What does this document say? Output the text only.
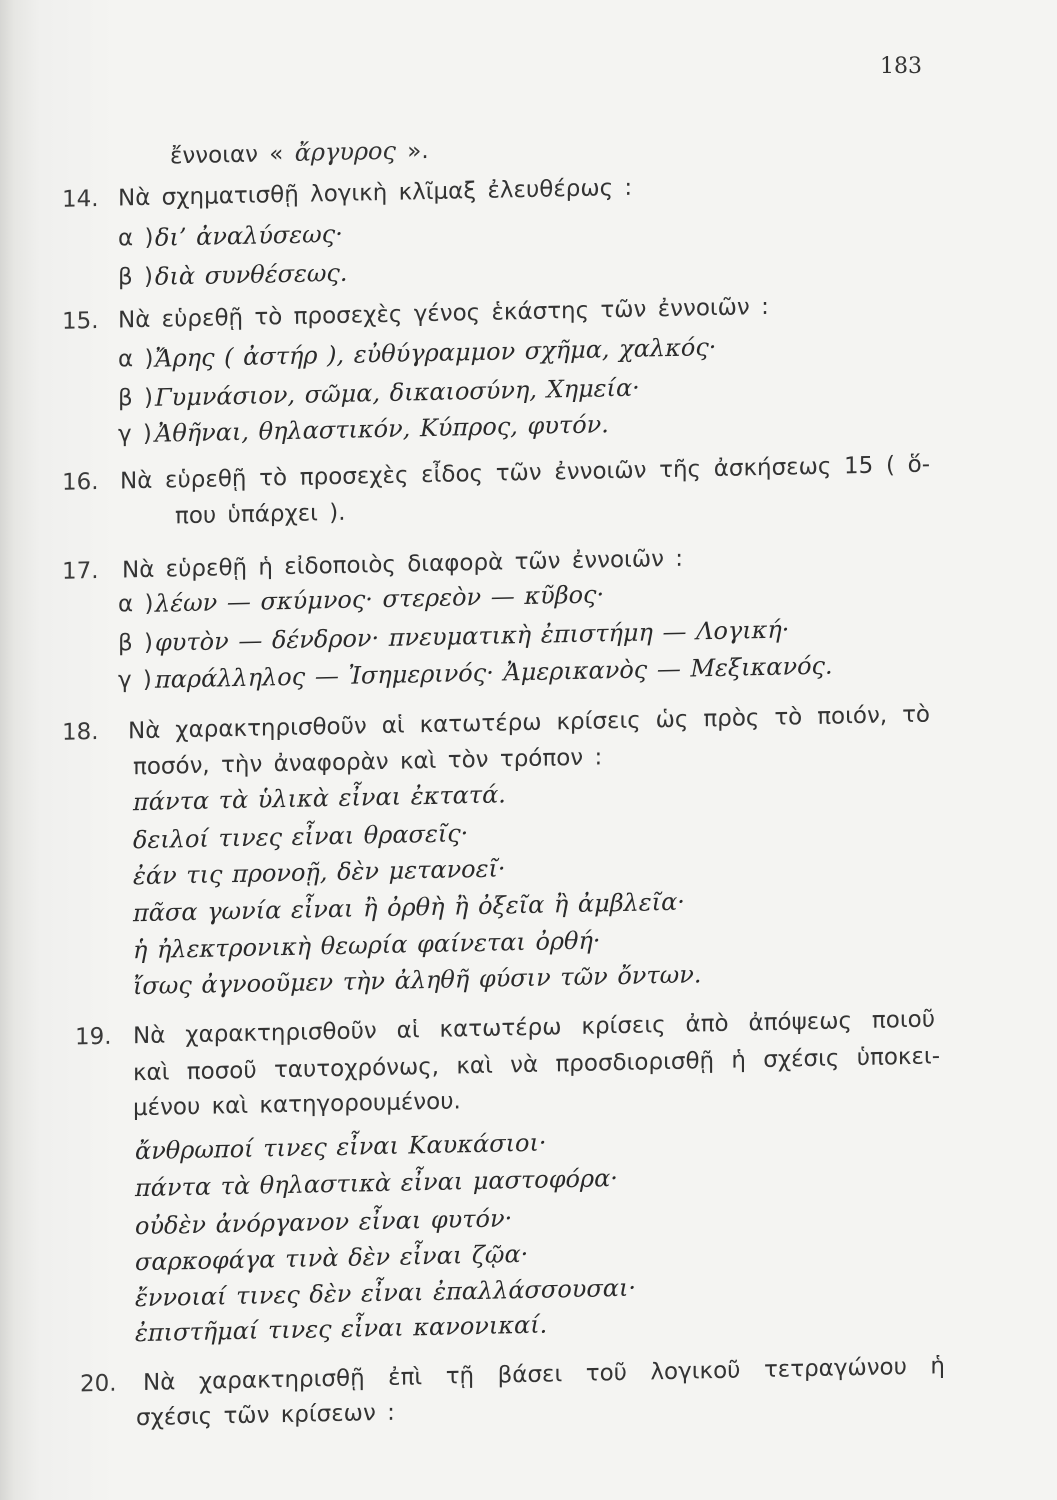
183
ἔννοιαν « ἄργυρος ».
14. Νὰ σχηματισθῇ λογικὴ κλῖμαξ ἐλευθέρως :
α ) δι’ ἀναλύσεως·
β ) διὰ συνθέσεως.
15. Νὰ εὑρεθῇ τὸ προσεχὲς γένος ἑκάστης τῶν ἐννοιῶν :
α ) Ἄρης ( ἀστήρ ), εὐθύγραμμον σχῆμα, χαλκός·
β ) Γυμνάσιον, σῶμα, δικαιοσύνη, Χημεία·
γ ) Ἀθῆναι, θηλαστικόν, Κύπρος, φυτόν.
16. Νὰ εὑρεθῇ τὸ προσεχὲς εἶδος τῶν ἐννοιῶν τῆς ἀσκήσεως 15 ( ὅ-
που ὑπάρχει ).
17. Νὰ εὑρεθῇ ἡ εἰδοποιὸς διαφορὰ τῶν ἐννοιῶν :
α ) λέων — σκύμνος· στερεὸν — κῦβος·
β ) φυτὸν — δένδρον· πνευματικὴ ἐπιστήμη — Λογική·
γ ) παράλληλος — Ἰσημερινός· Ἀμερικανὸς — Μεξικανός.
18. Νὰ χαρακτηρισθοῦν αἱ κατωτέρω κρίσεις ὡς πρὸς τὸ ποιόν, τὸ
ποσόν, τὴν ἀναφορὰν καὶ τὸν τρόπον :
πάντα τὰ ὑλικὰ εἶναι ἐκτατά.
δειλοί τινες εἶναι θρασεῖς·
ἐάν τις προνοῇ, δὲν μετανοεῖ·
πᾶσα γωνία εἶναι ἢ ὀρθὴ ἢ ὀξεῖα ἢ ἀμβλεῖα·
ἡ ἠλεκτρονικὴ θεωρία φαίνεται ὀρθή·
ἴσως ἀγνοοῦμεν τὴν ἀληθῆ φύσιν τῶν ὄντων.
19. Νὰ χαρακτηρισθοῦν αἱ κατωτέρω κρίσεις ἀπὸ ἀπόψεως ποιοῦ
καὶ ποσοῦ ταυτοχρόνως, καὶ νὰ προσδιορισθῇ ἡ σχέσις ὑποκει-
μένου καὶ κατηγορουμένου.
ἄνθρωποί τινες εἶναι Καυκάσιοι·
πάντα τὰ θηλαστικὰ εἶναι μαστοφόρα·
οὐδὲν ἀνόργανον εἶναι φυτόν·
σαρκοφάγα τινὰ δὲν εἶναι ζῷα·
ἔννοιαί τινες δὲν εἶναι ἐπαλλάσσουσαι·
ἐπιστῆμαί τινες εἶναι κανονικαί.
20. Νὰ χαρακτηρισθῇ ἐπὶ τῇ βάσει τοῦ λογικοῦ τετραγώνου ἡ
σχέσις τῶν κρίσεων :
